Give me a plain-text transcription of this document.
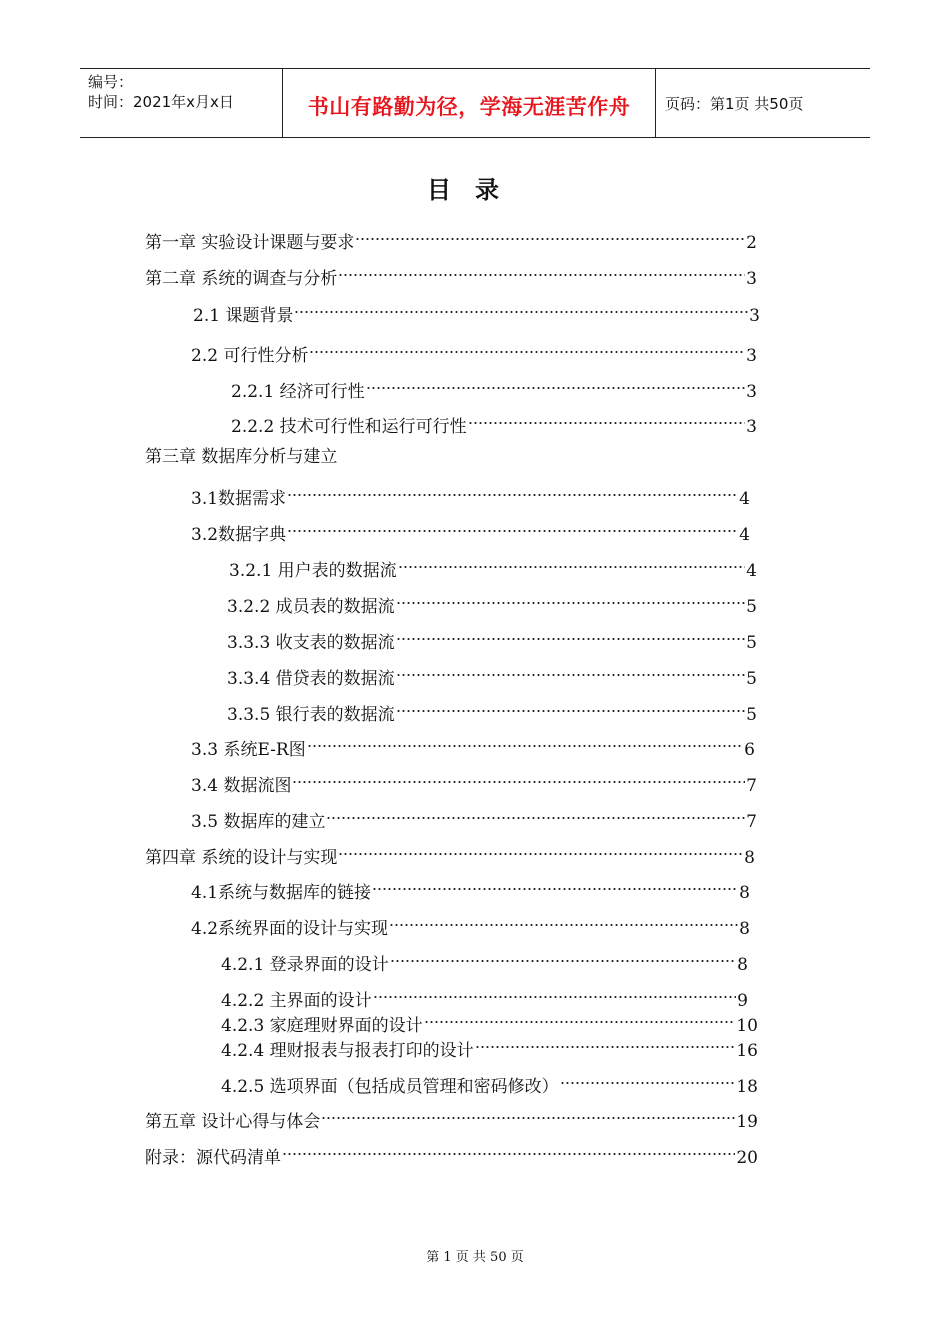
编号：
时间：2021年x月x日	书山有路勤为径，学海无涯苦作舟	页码：第1页 共50页
目录
第一章 实验设计课题与要求	2
第二章 系统的调查与分析	3
2.1 课题背景	3
2.2 可行性分析	3
2.2.1 经济可行性	3
2.2.2 技术可行性和运行可行性	3
第三章 数据库分析与建立
3.1数据需求	4
3.2数据字典	4
3.2.1 用户表的数据流	4
3.2.2 成员表的数据流	5
3.3.3 收支表的数据流	5
3.3.4 借贷表的数据流	5
3.3.5 银行表的数据流	5
3.3 系统E-R图	6
3.4 数据流图	7
3.5 数据库的建立	7
第四章 系统的设计与实现	8
4.1系统与数据库的链接	8
4.2系统界面的设计与实现	8
4.2.1 登录界面的设计	8
4.2.2 主界面的设计	9
4.2.3 家庭理财界面的设计	10
4.2.4 理财报表与报表打印的设计	16
4.2.5 选项界面（包括成员管理和密码修改）	18
第五章 设计心得与体会	19
附录：源代码清单	20
第 1 页 共 50 页
